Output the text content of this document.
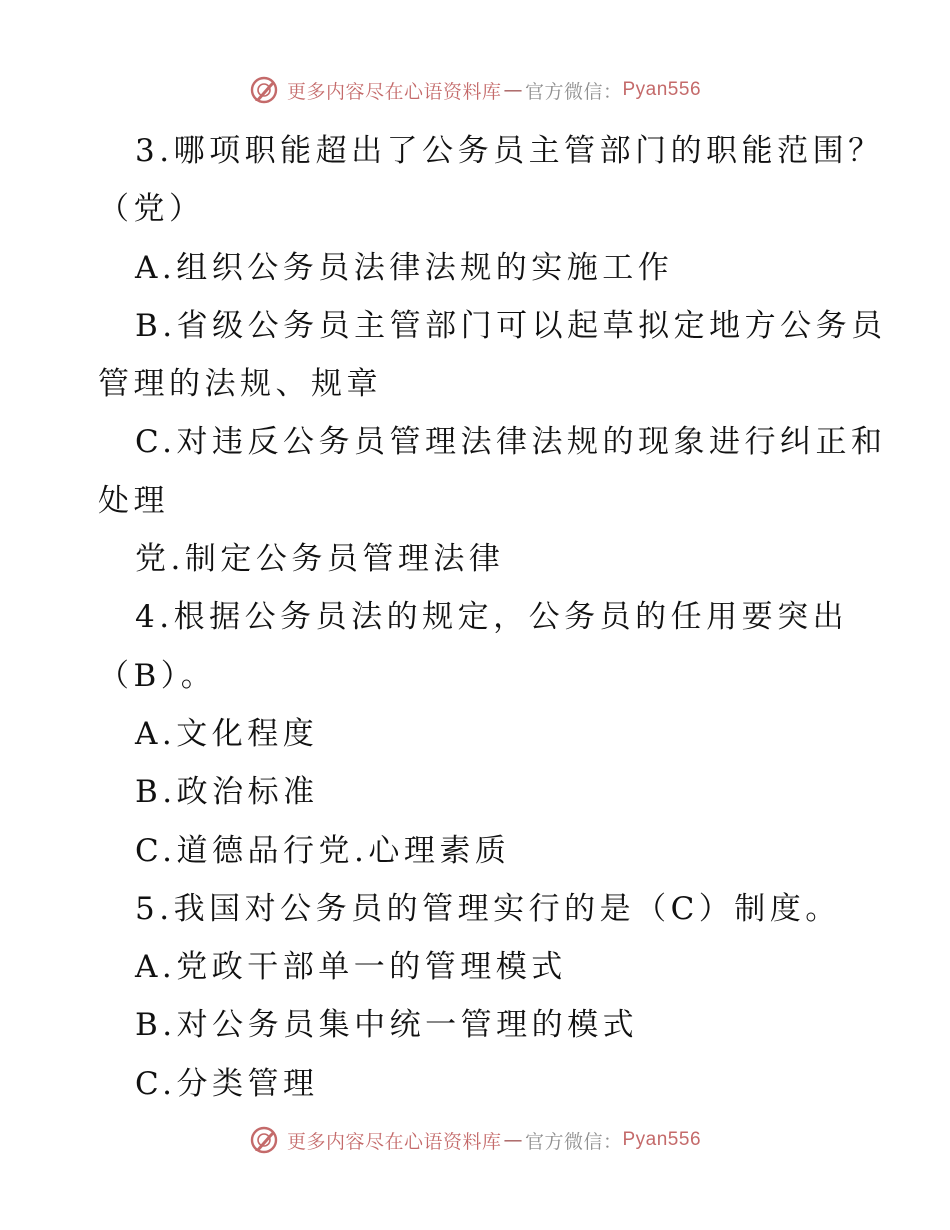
更多内容尽在心语资料库 — 官方微信： Pyan556
3.哪项职能超出了公务员主管部门的职能范围？
（党）
A.组织公务员法律法规的实施工作
B.省级公务员主管部门可以起草拟定地方公务员
管理的法规、规章
C.对违反公务员管理法律法规的现象进行纠正和
处理
党.制定公务员管理法律
4.根据公务员法的规定，公务员的任用要突出
（B）。
A.文化程度
B.政治标准
C.道德品行党.心理素质
5.我国对公务员的管理实行的是（C）制度。
A.党政干部单一的管理模式
B.对公务员集中统一管理的模式
C.分类管理
更多内容尽在心语资料库 — 官方微信： Pyan556
